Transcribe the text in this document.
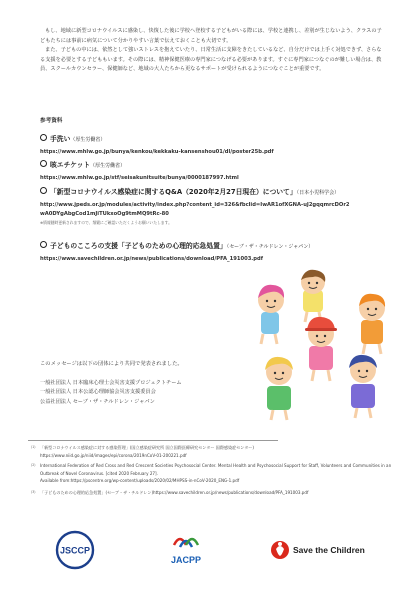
もし、地域に新型コロナウイルスに感染し、快復した後に学校へ登校する子どもがいる際には、学校と連携し、差別が生じないよう、クラスの子どもたちには事前に病気について分かりやすい言葉で伝えておくことも大切です。

また、子どもの中には、依然として強いストレスを抱えていたり、日常生活に支障をきたしているなど、自分だけでは上手く対処できず、さらなる支援を必要とする子どももいます。その際には、精神保健医療の専門家につなげる必要があります。すぐに専門家につなぐのが難しい場合は、教員、スクールカウンセラー、保健師など、地域の大人たちから更なるサポートが受けられるようにつなぐことが重要です。

参考資料
手洗い（厚生労働省）
https://www.mhlw.go.jp/bunya/kenkou/kekkaku-kansenshou01/dl/poster25b.pdf
咳エチケット（厚生労働省）
https://www.mhlw.go.jp/stf/seisakunitsuite/bunya/0000187997.html
「新型コロナウイルス感染症に関するQ&A（2020年2月27日現在）について」（日本小児科学会）
http://www.jpeds.or.jp/modules/activity/index.php?content_id=326&fbclid=IwAR1ofXGNA-uJ2gqqmrcDOr2wA0DYgAbgCod1mJiTUkxoOg9tmMQ9tRc-80
※情報随時更新されますので、頻繁にご確認いただくようお願いいたします。
子どものこころの支援「子どものための心理的応急処置」（セーブ・ザ・チルドレン・ジャパン）
https://www.savechildren.or.jp/news/publications/download/PFA_191003.pdf
このメッセージは以下の団体により共同で発表されました。
一般社団法人 日本臨床心理士会災害支援プロジェクトチーム
一般社団法人 日本公認心理師協会災害支援委員会
公益社団法人 セーブ・ザ・チルドレン・ジャパン
(1) 「新型コロナウイルス感染症に対する感染管理」(国立感染症研究所 国立国際医療研究センター 国際感染症センター)
https://www.niid.go.jp/niid/images/epi/corona/2019nCoV-01-200221.pdf
(2) International Federation of Red Cross and Red Crescent Societies Psychosocial Center. Mental Health and Psychosocial Support for Staff, Volunteers and Communities in an Outbreak of Novel Coronavirus. [cited 2020 February 27].
Available from:https://pscentre.org/wp-content/uploads/2020/02/MHPSS-in-nCoV-2020_ENG-1.pdf
(3) 「子どものための心理的応急処置」(セーブ・ザ・チルドレン)https://www.savechildren.or.jp/news/publications/download/PFA_191003.pdf
JSCCP
JACPP
Save the Children
